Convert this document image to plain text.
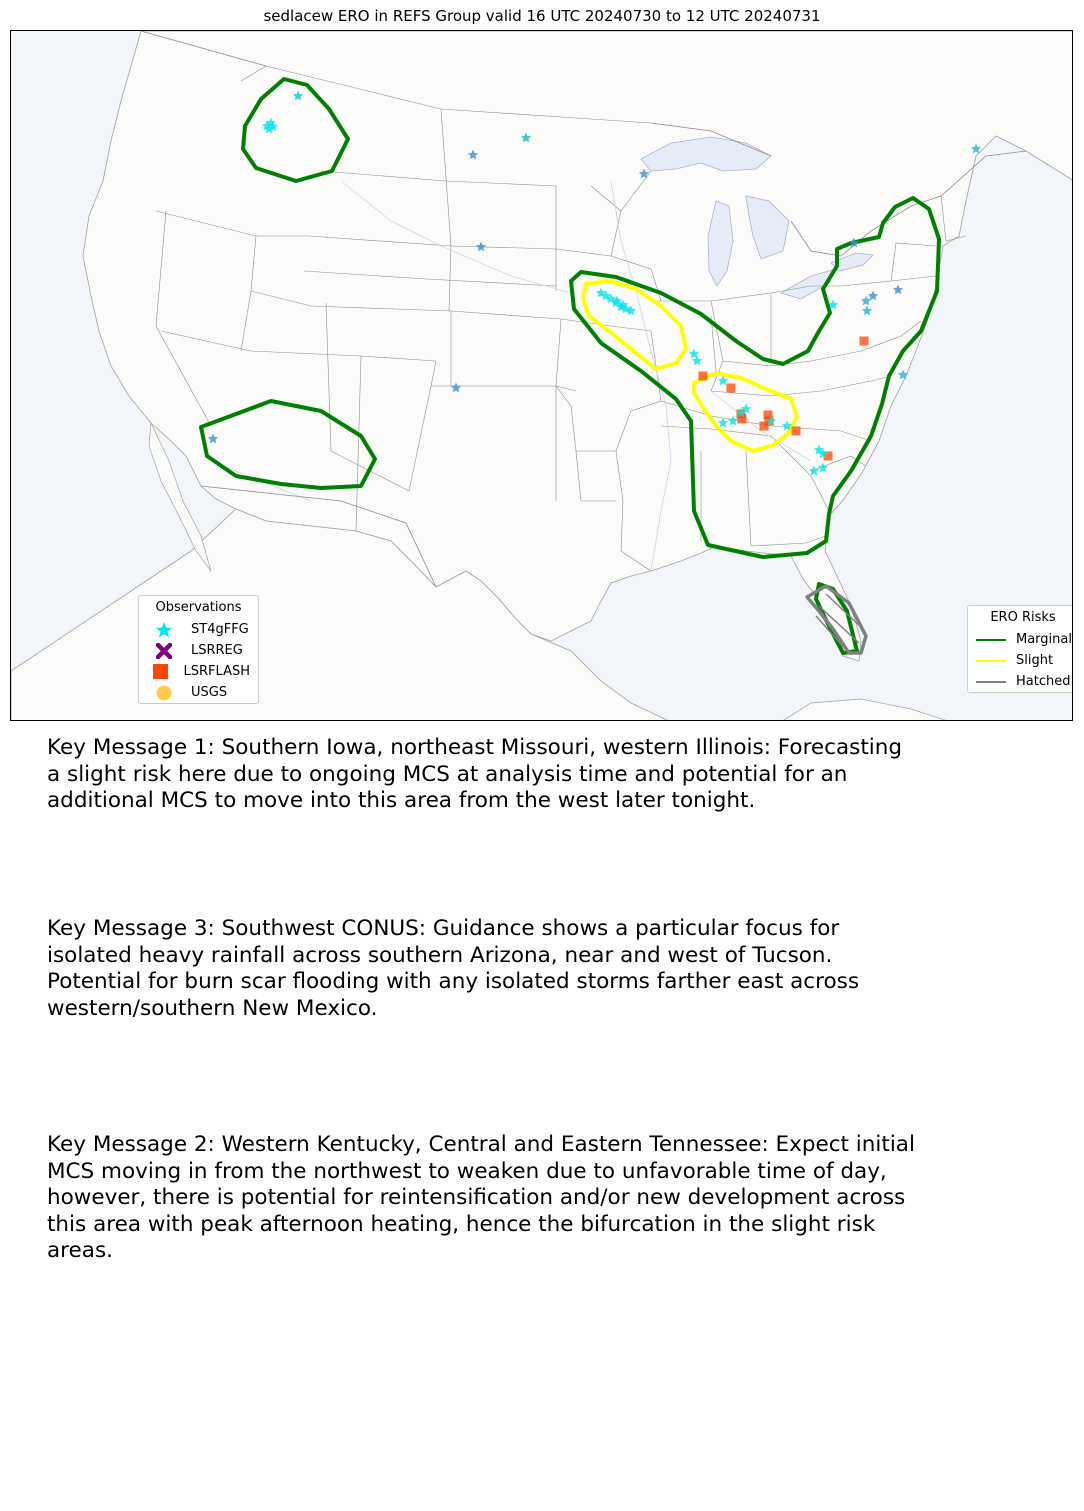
sedlacew ERO in REFS Group valid 16 UTC 20240730 to 12 UTC 20240731
Observations
ST4gFFG
LSRREG
LSRFLASH
USGS
ERO Risks
Marginal
Slight
Hatched
Key Message 1: Southern Iowa, northeast Missouri, western Illinois: Forecasting
a slight risk here due to ongoing MCS at analysis time and potential for an
additional MCS to move into this area from the west later tonight.
Key Message 3: Southwest CONUS: Guidance shows a particular focus for
isolated heavy rainfall across southern Arizona, near and west of Tucson.
Potential for burn scar flooding with any isolated storms farther east across
western/southern New Mexico.
Key Message 2: Western Kentucky, Central and Eastern Tennessee: Expect initial
MCS moving in from the northwest to weaken due to unfavorable time of day,
however, there is potential for reintensification and/or new development across
this area with peak afternoon heating, hence the bifurcation in the slight risk
areas.
